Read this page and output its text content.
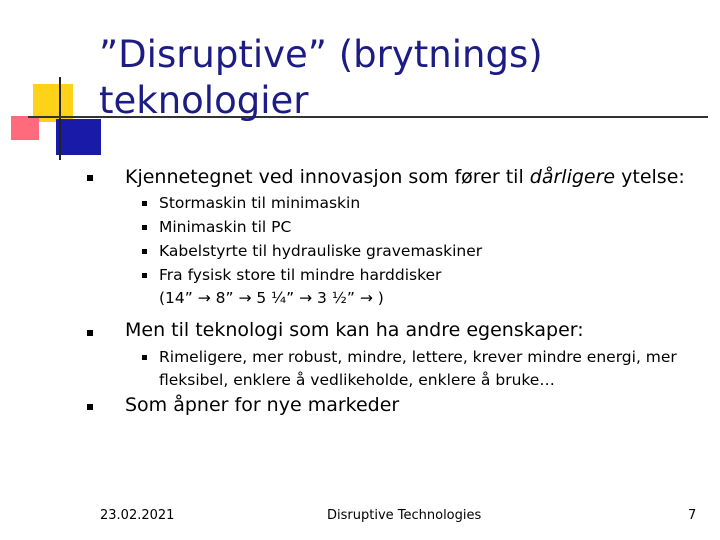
”Disruptive” (brytnings)
teknologier
Kjennetegnet ved innovasjon som fører til dårligere ytelse:
Stormaskin til minimaskin
Minimaskin til PC
Kabelstyrte til hydrauliske gravemaskiner
Fra fysisk store til mindre harddisker
(14” → 8” → 5 ¼” → 3 ½” → )
Men til teknologi som kan ha andre egenskaper:
Rimeligere, mer robust, mindre, lettere, krever mindre energi, mer
fleksibel, enklere å vedlikeholde, enklere å bruke…
Som åpner for nye markeder
23.02.2021	Disruptive Technologies	7
